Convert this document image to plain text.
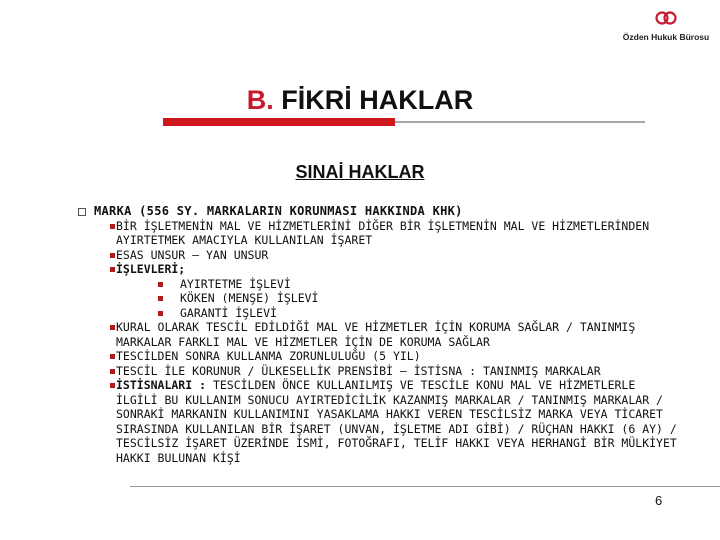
Özden Hukuk Bürosu
B. FİKRİ HAKLAR
SINAİ HAKLAR
MARKA (556 SY. MARKALARIN KORUNMASI HAKKINDA KHK)
BİR İŞLETMENİN MAL VE HİZMETLERİNİ DİĞER BİR İŞLETMENİN MAL VE HİZMETLERİNDEN AYIRTETMEK AMACIYLA KULLANILAN İŞARET
ESAS UNSUR – YAN UNSUR
İŞLEVLERİ;
AYIRTETME İŞLEVİ
KÖKEN (MENŞE) İŞLEVİ
GARANTİ İŞLEVİ
KURAL OLARAK TESCİL EDİLDİĞİ MAL VE HİZMETLER İÇİN KORUMA SAĞLAR / TANINMIŞ MARKALAR FARKLI MAL VE HİZMETLER İÇİN DE KORUMA SAĞLAR
TESCİLDEN SONRA KULLANMA ZORUNLULUĞU (5 YIL)
TESCİL İLE KORUNUR / ÜLKESELLİK PRENSİBİ – İSTİSNA : TANINMIŞ MARKALAR
İSTİSNALARI : TESCİLDEN ÖNCE KULLANILMIŞ VE TESCİLE KONU MAL VE HİZMETLERLE İLGİLİ BU KULLANIM SONUCU AYIRTEDİCİLİK KAZANMIŞ MARKALAR / TANINMIŞ MARKALAR / SONRAKİ MARKANIN KULLANIMINI YASAKLAMA HAKKI VEREN TESCİLSİZ MARKA VEYA TİCARET SIRASINDA KULLANILAN BİR İŞARET (UNVAN, İŞLETME ADI GİBİ) / RÜÇHAN HAKKI (6 AY) / TESCİLSİZ İŞARET ÜZERİNDE İSMİ, FOTOĞRAFI, TELİF HAKKI VEYA HERHANGİ BİR MÜLKİYET HAKKI BULUNAN KİŞİ
6
